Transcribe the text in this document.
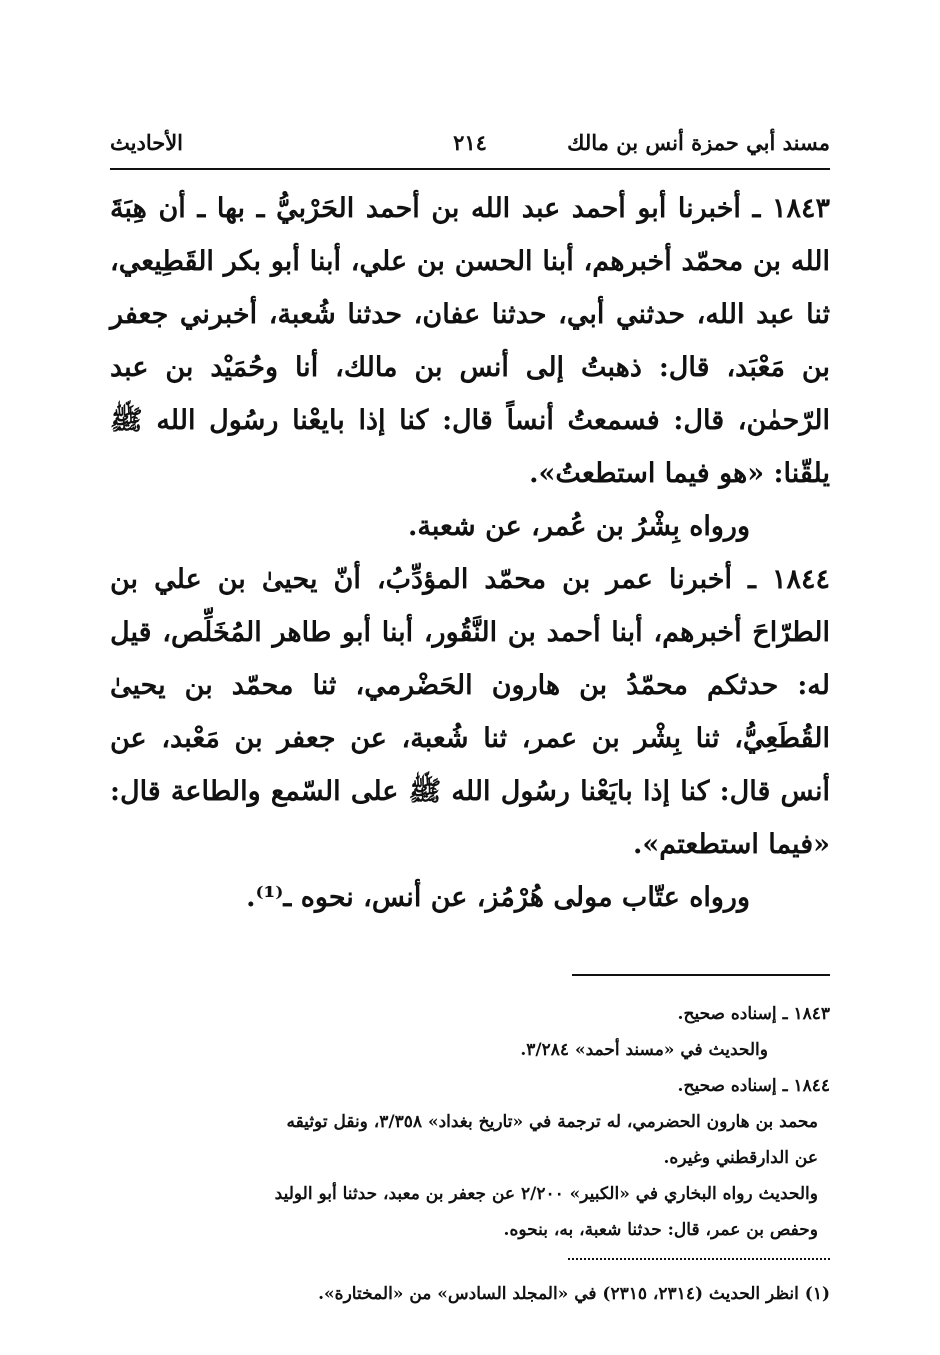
مسند أبي حمزة أنس بن مالك
٢١٤
الأحاديث

١٨٤٣ ـ أخبرنا أبو أحمد عبد الله بن أحمد الحَرْبيُّ ـ بها ـ أن هِبَةَ الله بن محمّد أخبرهم، أبنا الحسن بن علي، أبنا أبو بكر القَطِيعي، ثنا عبد الله، حدثني أبي، حدثنا عفان، حدثنا شُعبة، أخبرني جعفر بن مَعْبَد، قال: ذهبتُ إلى أنس بن مالك، أنا وحُمَيْد بن عبد الرّحمٰن، قال: فسمعتُ أنساً قال: كنا إذا بايعْنا رسُول الله ﷺ يلقّنا: «هو فيما استطعتُ».

ورواه بِشْرُ بن عُمر، عن شعبة.

١٨٤٤ ـ أخبرنا عمر بن محمّد المؤدِّبُ، أنّ يحيىٰ بن علي بن الطرّاحَ أخبرهم، أبنا أحمد بن النَّقُور، أبنا أبو طاهر المُخَلِّص، قيل له: حدثكم محمّدُ بن هارون الحَضْرمي، ثنا محمّد بن يحيىٰ القُطَعِيُّ، ثنا بِشْر بن عمر، ثنا شُعبة، عن جعفر بن مَعْبد، عن أنس قال: كنا إذا بايَعْنا رسُول الله ﷺ على السّمع والطاعة قال: «فيما استطعتم».

ورواه عتّاب مولى هُرْمُز، عن أنس، نحوه ـ⁽¹⁾.

١٨٤٣ ـ إسناده صحيح.

والحديث في «مسند أحمد» ٣/٢٨٤.

١٨٤٤ ـ إسناده صحيح.

محمد بن هارون الحضرمي، له ترجمة في «تاريخ بغداد» ٣/٣٥٨، ونقل توثيقه

عن الدارقطني وغيره.

والحديث رواه البخاري في «الكبير» ٢/٢٠٠ عن جعفر بن معبد، حدثنا أبو الوليد

وحفص بن عمر، قال: حدثنا شعبة، به، بنحوه.

(١) انظر الحديث (٢٣١٤، ٢٣١٥) في «المجلد السادس» من «المختارة».
